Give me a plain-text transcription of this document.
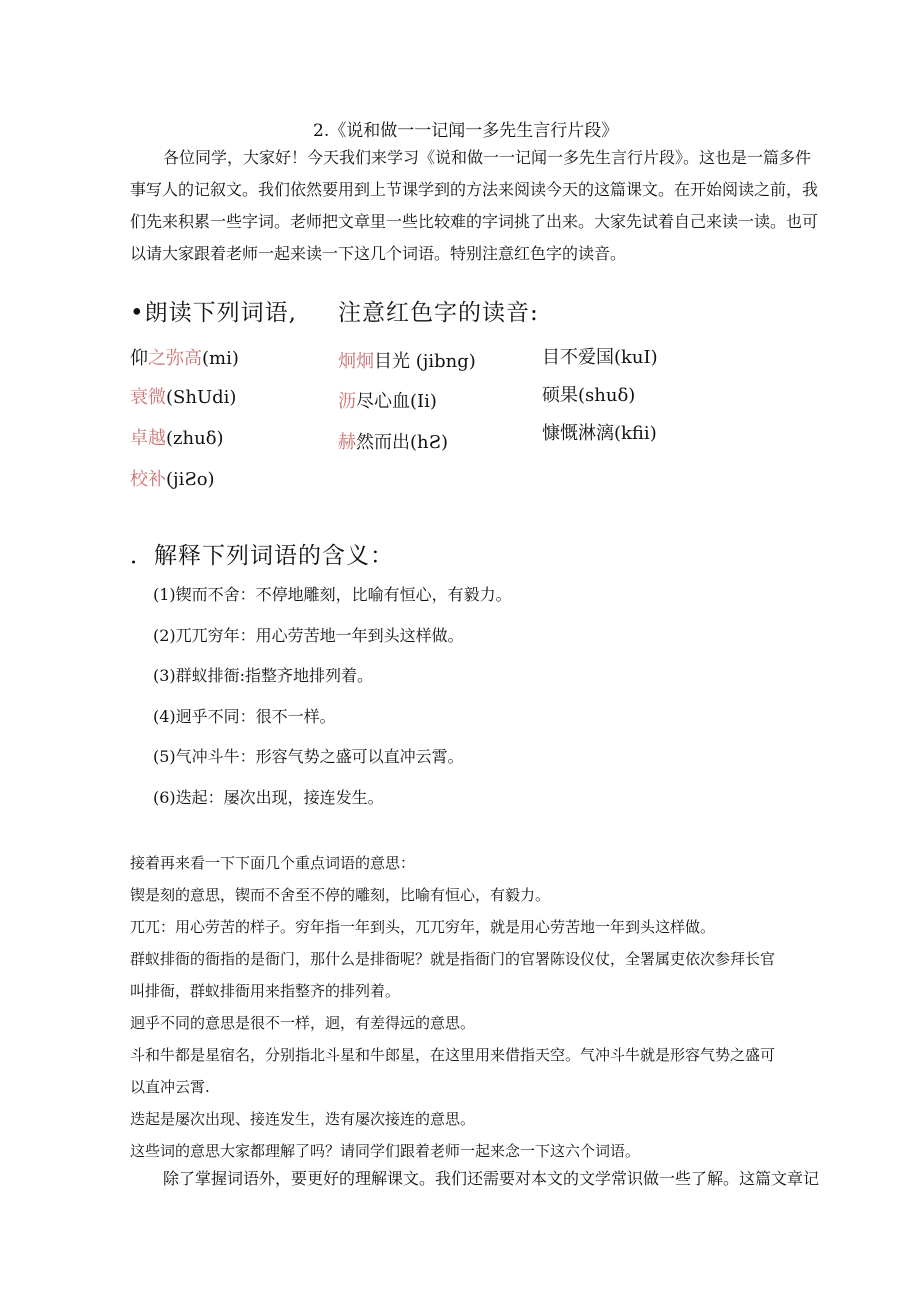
2.《说和做一一记闻一多先生言行片段》
各位同学，大家好！今天我们来学习《说和做一一记闻一多先生言行片段》。这也是一篇多件
事写人的记叙文。我们依然要用到上节课学到的方法来阅读今天的这篇课文。在开始阅读之前，我
们先来积累一些字词。老师把文章里一些比较难的字词挑了出来。大家先试着自己来读一读。也可
以请大家跟着老师一起来读一下这几个词语。特别注意红色字的读音。
•朗读下列词语, 注意红色字的读音:
仰之弥高(mi)
衰微(ShUdi)
卓越(zhuδ)
校补(jiƧo)
炯炯目光 (jibng)
沥尽心血(Ii)
赫然而出(hƧ)
目不爱国(kuI)
硕果(shuδ)
慷慨淋漓(kfii)
．解释下列词语的含义：
(1)锲而不舍：不停地雕刻，比喻有恒心，有毅力。
(2)兀兀穷年：用心劳苦地一年到头这样做。
(3)群蚁排衙:指整齐地排列着。
(4)迥乎不同：很不一样。
(5)气冲斗牛：形容气势之盛可以直冲云霄。
(6)迭起：屡次出现，接连发生。
接着再来看一下下面几个重点词语的意思：
锲是刻的意思，锲而不舍至不停的雕刻，比喻有恒心，有毅力。
兀兀：用心劳苦的样子。穷年指一年到头，兀兀穷年，就是用心劳苦地一年到头这样做。
群蚁排衙的衙指的是衙门，那什么是排衙呢？就是指衙门的官署陈设仪仗，全署属吏依次参拜长官
叫排衙，群蚁排衙用来指整齐的排列着。
迥乎不同的意思是很不一样，迥，有差得远的意思。
斗和牛都是星宿名，分别指北斗星和牛郎星，在这里用来借指天空。气冲斗牛就是形容气势之盛可
以直冲云霄.
迭起是屡次出现、接连发生，迭有屡次接连的意思。
这些词的意思大家都理解了吗？请同学们跟着老师一起来念一下这六个词语。
除了掌握词语外，要更好的理解课文。我们还需要对本文的文学常识做一些了解。这篇文章记
